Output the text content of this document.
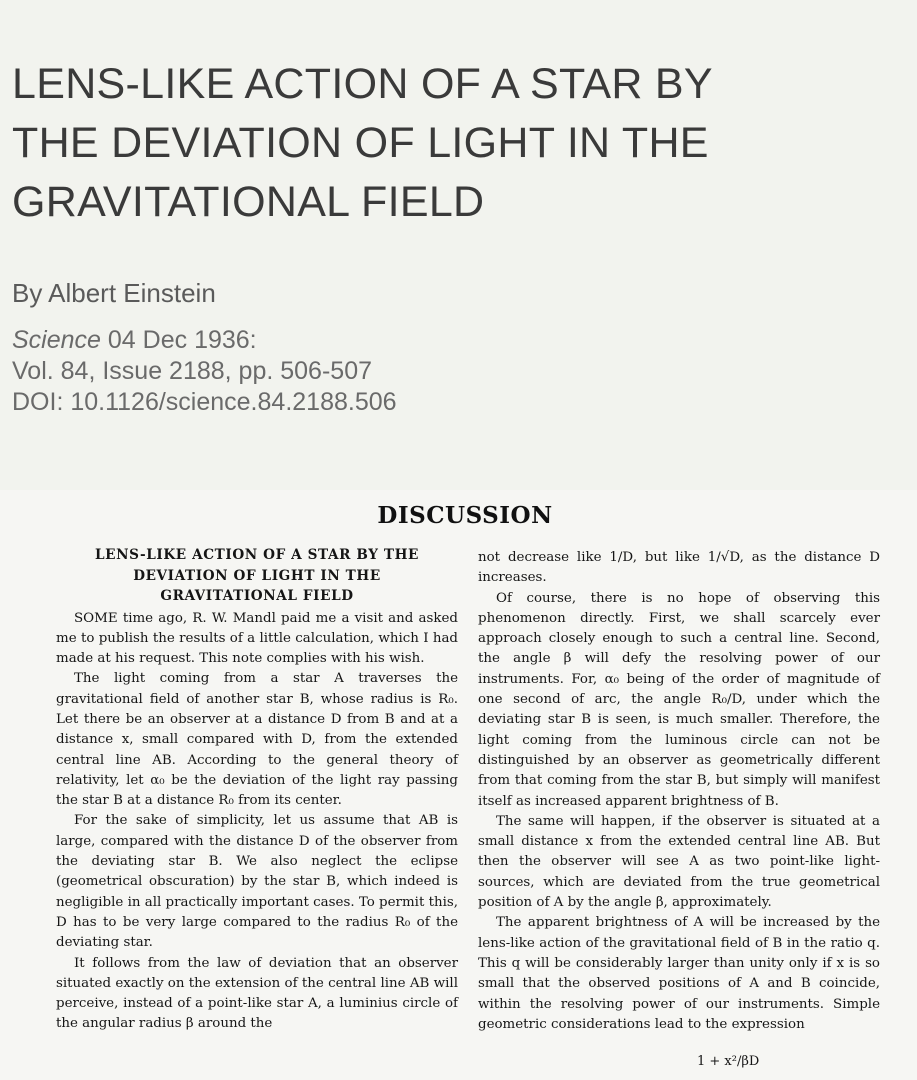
LENS-LIKE ACTION OF A STAR BY
THE DEVIATION OF LIGHT IN THE
GRAVITATIONAL FIELD
By Albert Einstein
Science 04 Dec 1936:
Vol. 84, Issue 2188, pp. 506-507
DOI: 10.1126/science.84.2188.506
DISCUSSION
LENS-LIKE ACTION OF A STAR BY THE
DEVIATION OF LIGHT IN THE
GRAVITATIONAL FIELD

SOME time ago, R. W. Mandl paid me a visit and asked me to publish the results of a little calculation, which I had made at his request. This note complies with his wish.

The light coming from a star A traverses the gravitational field of another star B, whose radius is R₀. Let there be an observer at a distance D from B and at a distance x, small compared with D, from the extended central line AB. According to the general theory of relativity, let α₀ be the deviation of the light ray passing the star B at a distance R₀ from its center.

For the sake of simplicity, let us assume that AB is large, compared with the distance D of the observer from the deviating star B. We also neglect the eclipse (geometrical obscuration) by the star B, which indeed is negligible in all practically important cases. To permit this, D has to be very large compared to the radius R₀ of the deviating star.

It follows from the law of deviation that an observer situated exactly on the extension of the central line AB will perceive, instead of a point-like star A, a luminius circle of the angular radius β around the

not decrease like 1/D, but like 1/√D, as the distance D increases.

Of course, there is no hope of observing this phenomenon directly. First, we shall scarcely ever approach closely enough to such a central line. Second, the angle β will defy the resolving power of our instruments. For, α₀ being of the order of magnitude of one second of arc, the angle R₀/D, under which the deviating star B is seen, is much smaller. Therefore, the light coming from the luminous circle can not be distinguished by an observer as geometrically different from that coming from the star B, but simply will manifest itself as increased apparent brightness of B.

The same will happen, if the observer is situated at a small distance x from the extended central line AB. But then the observer will see A as two point-like light-sources, which are deviated from the true geometrical position of A by the angle β, approximately.

The apparent brightness of A will be increased by the lens-like action of the gravitational field of B in the ratio q. This q will be considerably larger than unity only if x is so small that the observed positions of A and B coincide, within the resolving power of our instruments. Simple geometric considerations lead to the expression

1 + x²/βD
